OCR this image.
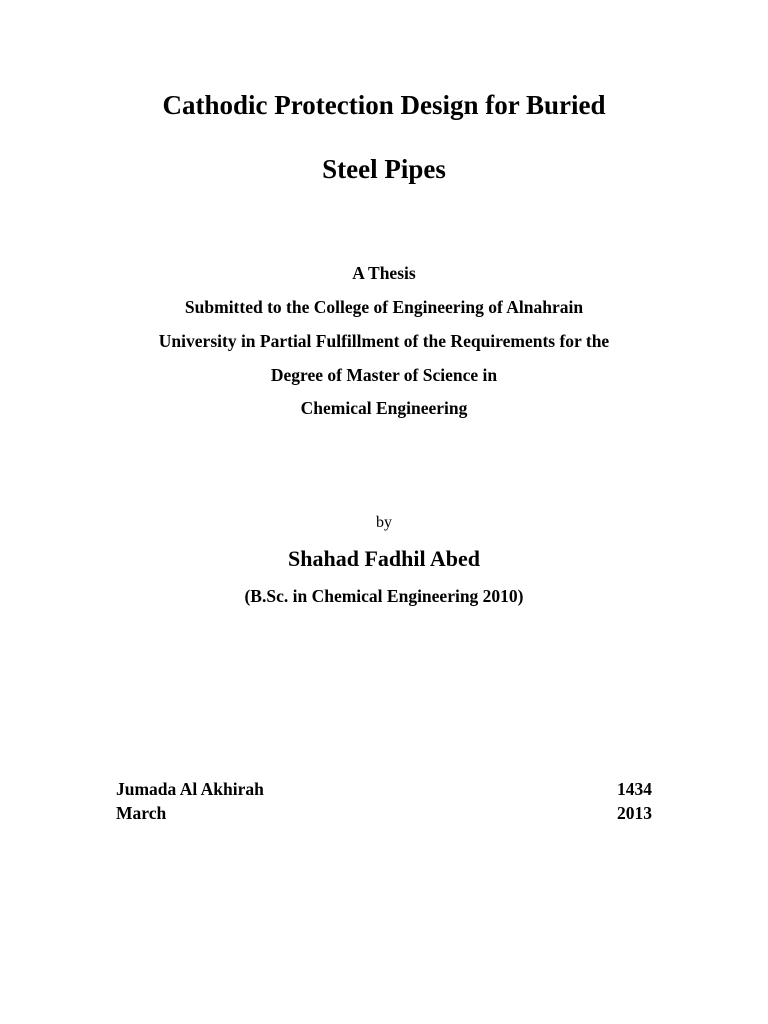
Cathodic Protection Design for Buried
Steel Pipes
A Thesis
Submitted to the College of Engineering of Alnahrain
University in Partial Fulfillment of the Requirements for the
Degree of Master of Science in
Chemical Engineering
by
Shahad Fadhil Abed
(B.Sc. in Chemical Engineering 2010)
Jumada Al Akhirah	1434
March	2013
